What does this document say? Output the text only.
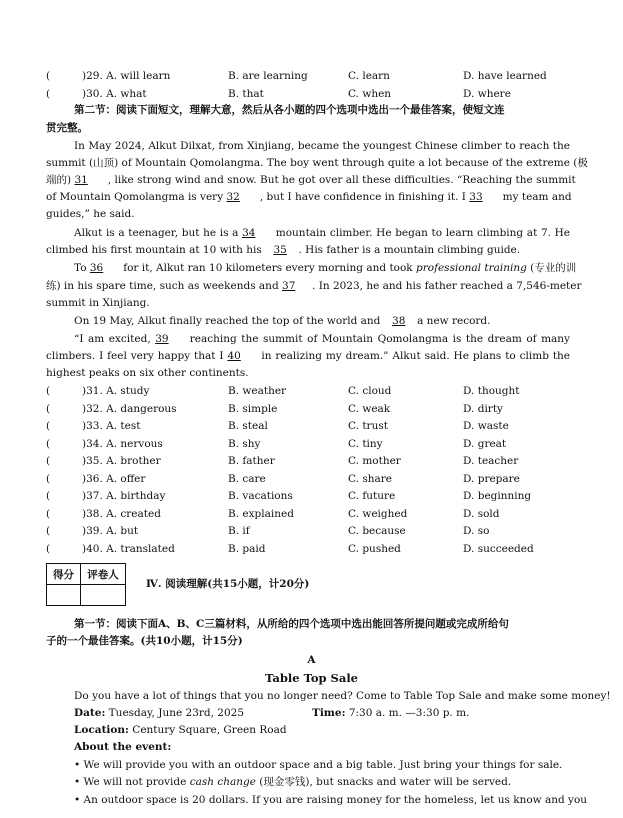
(	)29. A. will learn	B. are learning	C. learn	D. have learned
(	)30. A. what	B. that	C. when	D. where
第二节：阅读下面短文，理解大意，然后从各小题的四个选项中选出一个最佳答案，使短文连
贯完整。
In May 2024, Alkut Dilxat, from Xinjiang, became the youngest Chinese climber to reach the
summit (山顶) of Mountain Qomolangma. The boy went through quite a lot because of the extreme (极
端的) 31 , like strong wind and snow. But he got over all these difficulties. “Reaching the summit
of Mountain Qomolangma is very 32 , but I have confidence in finishing it. I 33 my team and
guides,” he said.
Alkut is a teenager, but he is a 34 mountain climber. He began to learn climbing at 7. He
climbed his first mountain at 10 with his 35 . His father is a mountain climbing guide.
To 36 for it, Alkut ran 10 kilometers every morning and took professional training (专业的训
练) in his spare time, such as weekends and 37 . In 2023, he and his father reached a 7,546-meter
summit in Xinjiang.
On 19 May, Alkut finally reached the top of the world and 38 a new record.
“I am excited, 39 reaching the summit of Mountain Qomolangma is the dream of many
climbers. I feel very happy that I 40 in realizing my dream.” Alkut said. He plans to climb the
highest peaks on six other continents.
(	)31. A. study	B. weather	C. cloud	D. thought
(	)32. A. dangerous	B. simple	C. weak	D. dirty
(	)33. A. test	B. steal	C. trust	D. waste
(	)34. A. nervous	B. shy	C. tiny	D. great
(	)35. A. brother	B. father	C. mother	D. teacher
(	)36. A. offer	B. care	C. share	D. prepare
(	)37. A. birthday	B. vacations	C. future	D. beginning
(	)38. A. created	B. explained	C. weighed	D. sold
(	)39. A. but	B. if	C. because	D. so
(	)40. A. translated	B. paid	C. pushed	D. succeeded
得分	评卷人

Ⅳ. 阅读理解(共15小题，计20分)
第一节：阅读下面A、B、C三篇材料，从所给的四个选项中选出能回答所提问题或完成所给句
子的一个最佳答案。(共10小题，计15分)
A
Table Top Sale
Do you have a lot of things that you no longer need? Come to Table Top Sale and make some money!
Date: Tuesday, June 23rd, 2025	Time: 7:30 a. m. —3:30 p. m.
Location: Century Square, Green Road
About the event:
• We will provide you with an outdoor space and a big table. Just bring your things for sale.
• We will not provide cash change (现金零钱), but snacks and water will be served.
• An outdoor space is 20 dollars. If you are raising money for the homeless, let us know and you
